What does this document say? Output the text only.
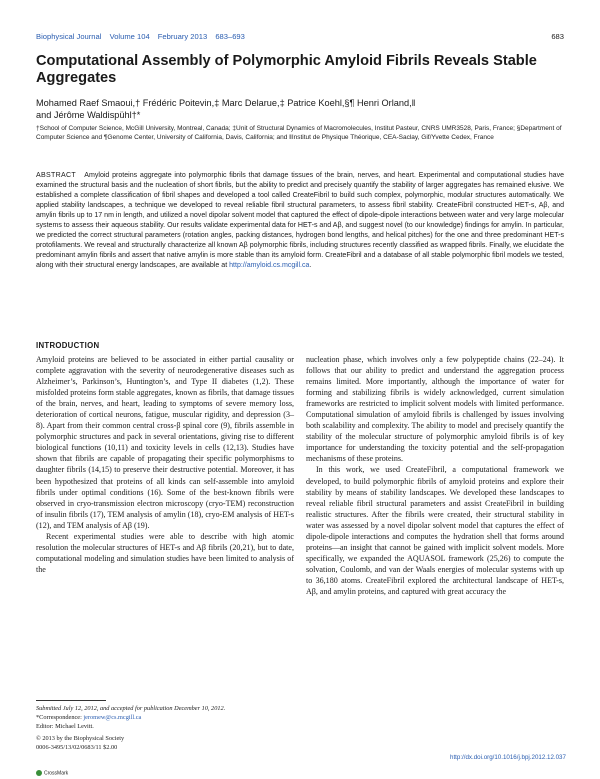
Biophysical Journal Volume 104 February 2013 683–693	683
Computational Assembly of Polymorphic Amyloid Fibrils Reveals Stable Aggregates
Mohamed Raef Smaoui,† Frédéric Poitevin,‡ Marc Delarue,‡ Patrice Koehl,§¶ Henri Orland,‖
and Jérôme Waldispühl†*
†School of Computer Science, McGill University, Montreal, Canada; ‡Unit of Structural Dynamics of Macromolecules, Institut Pasteur, CNRS UMR3528, Paris, France; §Department of Computer Science and ¶Genome Center, University of California, Davis, California; and ‖Institut de Physique Théorique, CEA-Saclay, Gif/Yvette Cedex, France
ABSTRACT Amyloid proteins aggregate into polymorphic fibrils that damage tissues of the brain, nerves, and heart. Experimental and computational studies have examined the structural basis and the nucleation of short fibrils, but the ability to predict and precisely quantify the stability of larger aggregates has remained elusive. We established a complete classification of fibril shapes and developed a tool called CreateFibril to build such complex, polymorphic, modular structures automatically. We applied stability landscapes, a technique we developed to reveal reliable fibril structural parameters, to assess fibril stability. CreateFibril constructed HET-s, Aβ, and amylin fibrils up to 17 nm in length, and utilized a novel dipolar solvent model that captured the effect of dipole-dipole interactions between water and very large molecular systems to assess their aqueous stability. Our results validate experimental data for HET-s and Aβ, and suggest novel (to our knowledge) findings for amylin. In particular, we predicted the correct structural parameters (rotation angles, packing distances, hydrogen bond lengths, and helical pitches) for the one and three predominant HET-s protofilaments. We reveal and structurally characterize all known Aβ polymorphic fibrils, including structures recently classified as wrapped fibrils. Finally, we elucidate the predominant amylin fibrils and assert that native amylin is more stable than its amyloid form. CreateFibril and a database of all stable polymorphic fibril models we tested, along with their structural energy landscapes, are available at http://amyloid.cs.mcgill.ca.
INTRODUCTION

Amyloid proteins are believed to be associated in either partial causality or complete aggravation with the severity of neurodegenerative diseases such as Alzheimer’s, Parkinson’s, Huntington’s, and Type II diabetes (1,2). These misfolded proteins form stable aggregates, known as fibrils, that damage tissues of the brain, nerves, and heart, leading to symptoms of severe memory loss, deterioration of cortical neurons, fatigue, muscular rigidity, and depression (3–8). Apart from their common central cross-β spinal core (9), fibrils assemble in polymorphic structures and pack in several orientations, giving rise to different biological functions (10,11) and toxicity levels in cells (12,13). Studies have shown that fibrils are capable of propagating their specific polymorphisms to daughter fibrils (14,15) to preserve their destructive potential. Moreover, it has been hypothesized that proteins of all kinds can self-assemble into amyloid fibrils under optimal conditions (16). Some of the best-known fibrils were observed in cryo-transmission electron microscopy (cryo-TEM) reconstruction of insulin fibrils (17), TEM analysis of amylin (18), cryo-EM analysis of HET-s (12), and TEM analysis of Aβ (19).

Recent experimental studies were able to describe with high atomic resolution the molecular structures of HET-s and Aβ fibrils (20,21), but to date, computational modeling and simulation studies have been limited to analysis of the

nucleation phase, which involves only a few polypeptide chains (22–24). It follows that our ability to predict and understand the aggregation process remains limited. More importantly, although the importance of water for forming and stabilizing fibrils is widely acknowledged, current simulation frameworks are restricted to implicit solvent models with limited performance. Computational simulation of amyloid fibrils is challenged by issues involving both scalability and complexity. The ability to model and precisely quantify the stability of the molecular structure of polymorphic amyloid fibrils is of key importance for understanding the toxicity potential and the self-propagation mechanisms of these proteins.

In this work, we used CreateFibril, a computational framework we developed, to build polymorphic fibrils of amyloid proteins and explore their stability by means of stability landscapes. We developed these landscapes to reveal reliable fibril structural parameters and assist CreateFibril in building realistic structures. After the fibrils were created, their structural stability in water was assessed by a novel dipolar solvent model that captures the effect of dipole-dipole interactions and computes the hydration shell that forms around proteins—an insight that cannot be gained with implicit solvent models. More specifically, we expanded the AQUASOL framework (25,26) to compute the solvation, Coulomb, and van der Waals energies of molecular systems with up to 36,180 atoms. CreateFibril explored the architectural landscape of HET-s, Aβ, and amylin proteins, and captured with great accuracy the

Submitted July 12, 2012, and accepted for publication December 10, 2012.
*Correspondence: jeromew@cs.mcgill.ca
Editor: Michael Levitt.
© 2013 by the Biophysical Society
0006-3495/13/02/0683/11 $2.00
CrossMark
http://dx.doi.org/10.1016/j.bpj.2012.12.037
